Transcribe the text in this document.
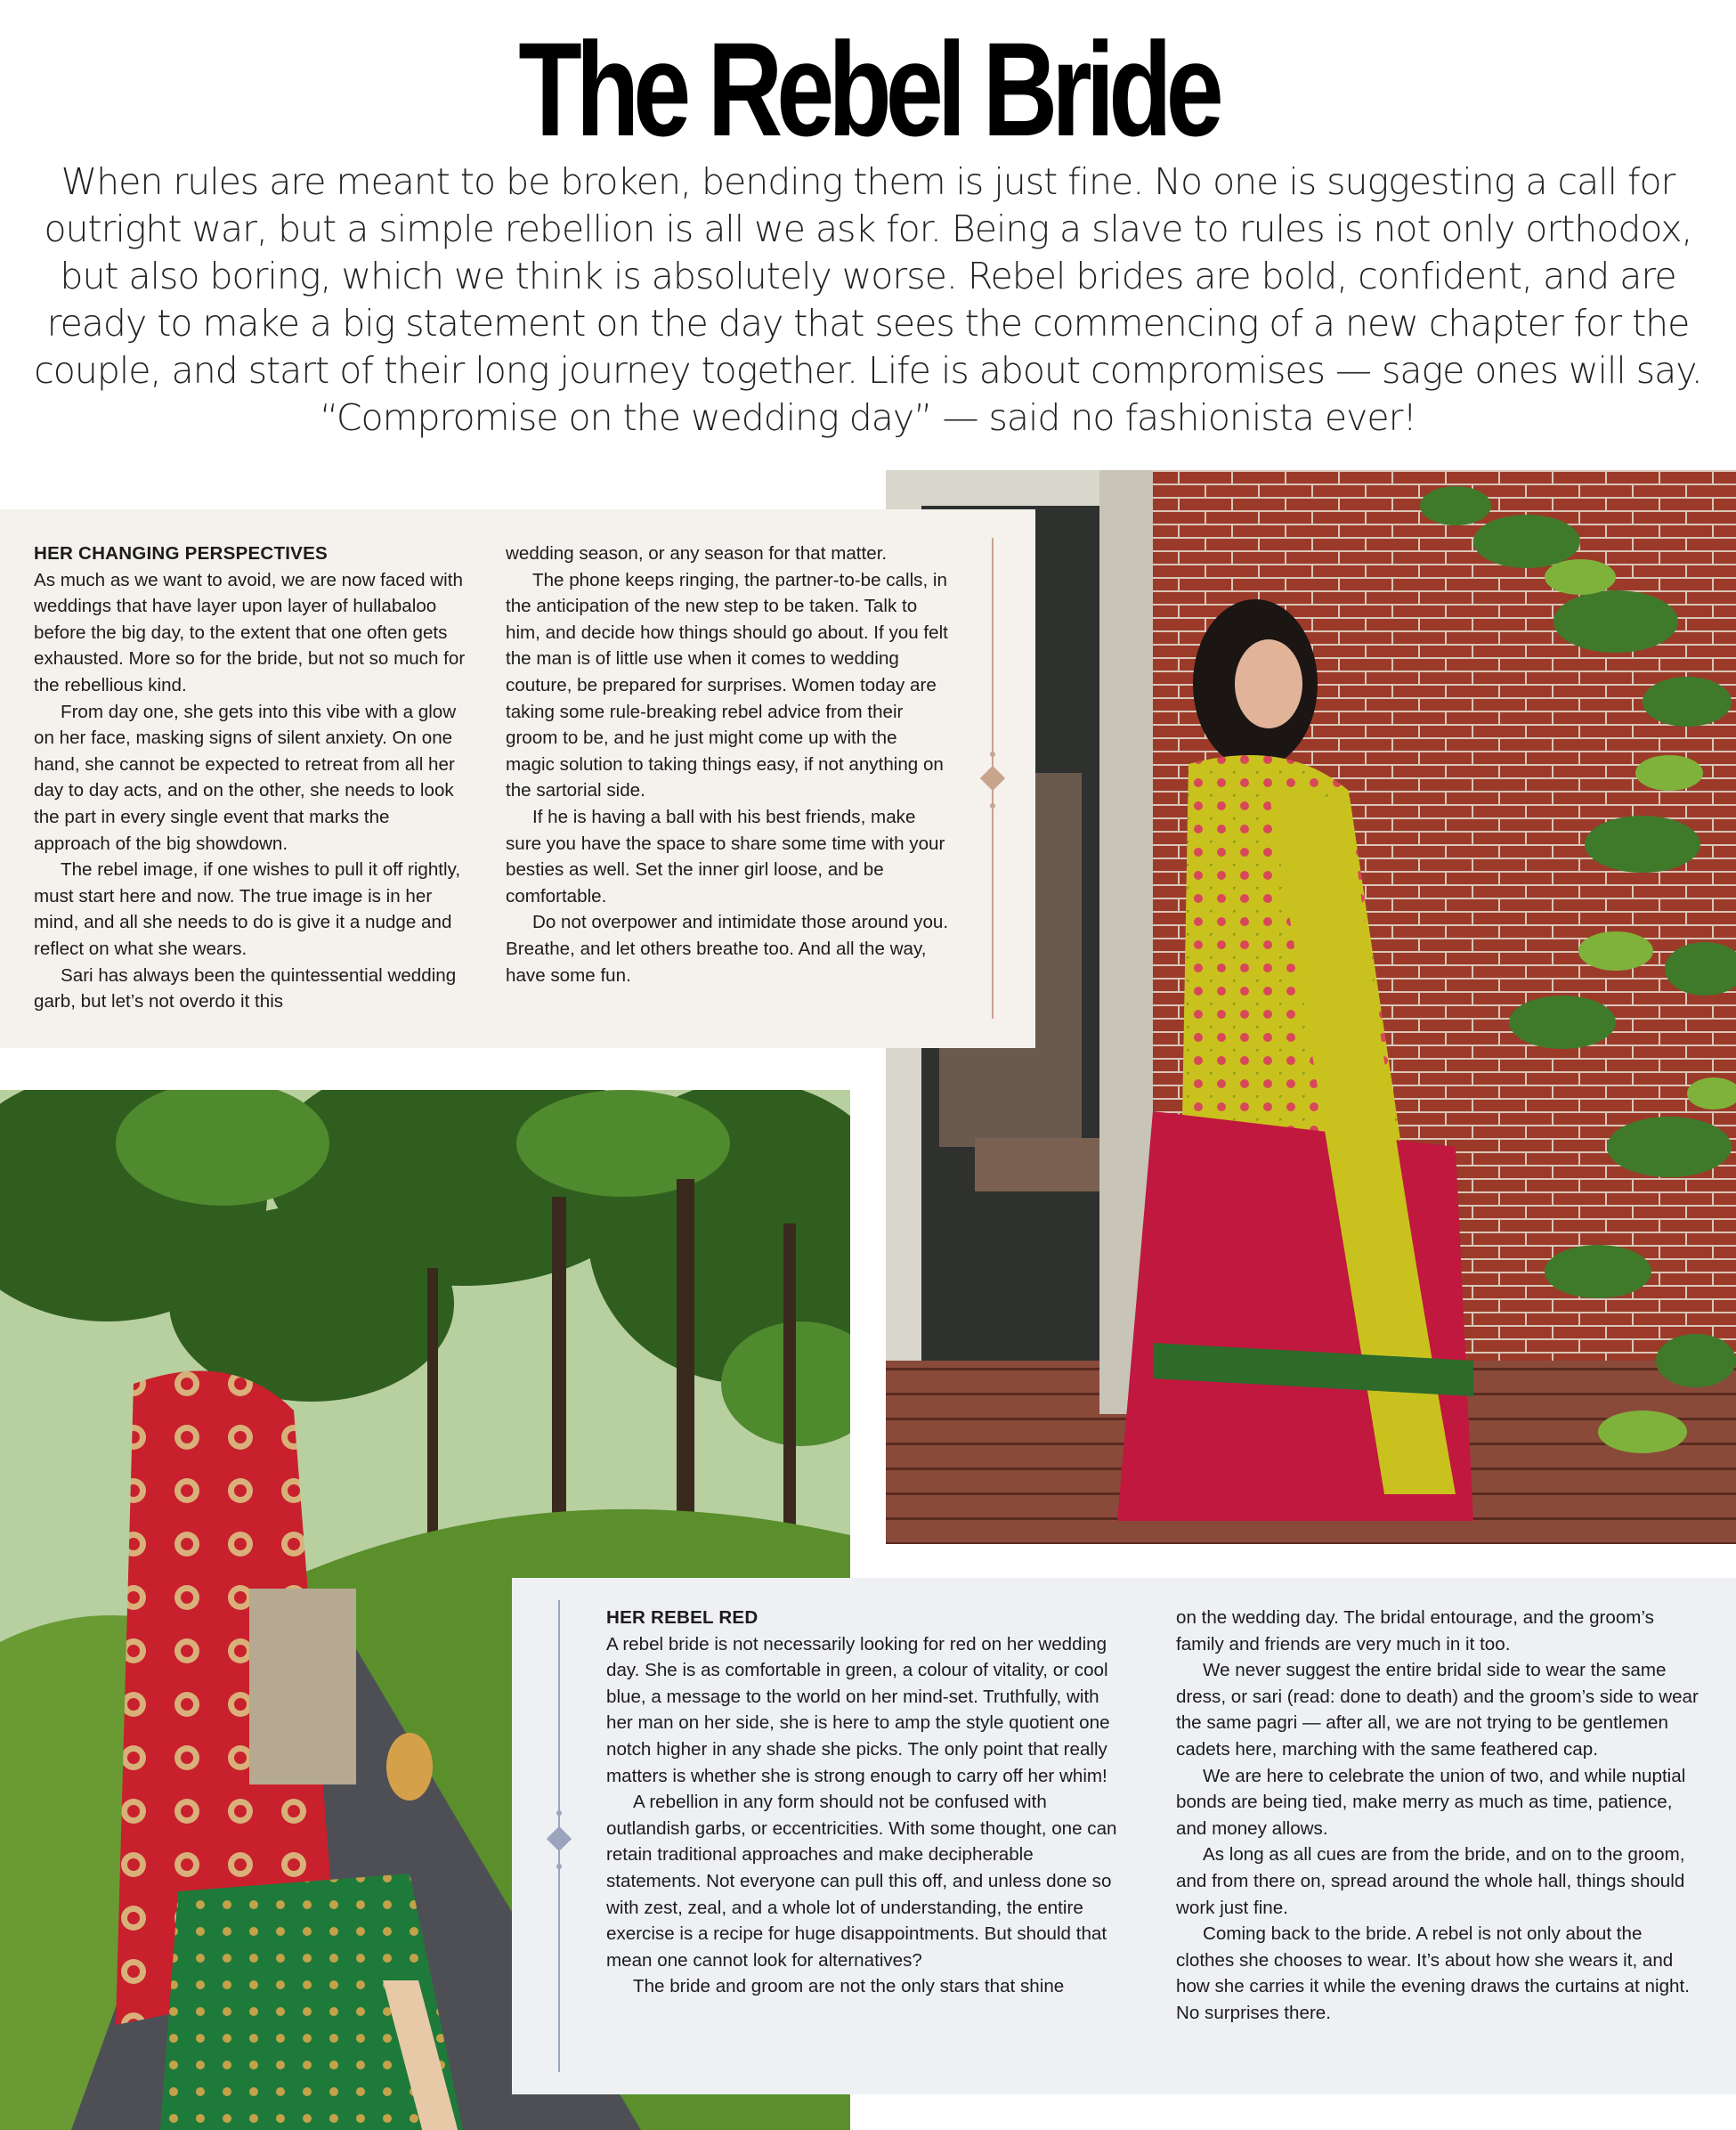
The Rebel Bride

When rules are meant to be broken, bending them is just fine. No one is suggesting a call for outright war, but a simple rebellion is all we ask for. Being a slave to rules is not only orthodox, but also boring, which we think is absolutely worse. Rebel brides are bold, confident, and are ready to make a big statement on the day that sees the commencing of a new chapter for the couple, and start of their long journey together. Life is about compromises — sage ones will say. “Compromise on the wedding day” — said no fashionista ever!

HER CHANGING PERSPECTIVES

As much as we want to avoid, we are now faced with weddings that have layer upon layer of hullabaloo before the big day, to the extent that one often gets exhausted. More so for the bride, but not so much for the rebellious kind.

From day one, she gets into this vibe with a glow on her face, masking signs of silent anxiety. On one hand, she cannot be expected to retreat from all her day to day acts, and on the other, she needs to look the part in every single event that marks the approach of the big showdown.

The rebel image, if one wishes to pull it off rightly, must start here and now. The true image is in her mind, and all she needs to do is give it a nudge and reflect on what she wears.

Sari has always been the quintessential wedding garb, but let’s not overdo it this

wedding season, or any season for that matter.

The phone keeps ringing, the partner-to-be calls, in the anticipation of the new step to be taken. Talk to him, and decide how things should go about. If you felt the man is of little use when it comes to wedding couture, be prepared for surprises. Women today are taking some rule-breaking rebel advice from their groom to be, and he just might come up with the magic solution to taking things easy, if not anything on the sartorial side.

If he is having a ball with his best friends, make sure you have the space to share some time with your besties as well. Set the inner girl loose, and be comfortable.

Do not overpower and intimidate those around you. Breathe, and let others breathe too. And all the way, have some fun.

HER REBEL RED

A rebel bride is not necessarily looking for red on her wedding day. She is as comfortable in green, a colour of vitality, or cool blue, a message to the world on her mind-set. Truthfully, with her man on her side, she is here to amp the style quotient one notch higher in any shade she picks. The only point that really matters is whether she is strong enough to carry off her whim!

A rebellion in any form should not be confused with outlandish garbs, or eccentricities. With some thought, one can retain traditional approaches and make decipherable statements. Not everyone can pull this off, and unless done so with zest, zeal, and a whole lot of understanding, the entire exercise is a recipe for huge disappointments. But should that mean one cannot look for alternatives?

The bride and groom are not the only stars that shine

on the wedding day. The bridal entourage, and the groom’s family and friends are very much in it too.

We never suggest the entire bridal side to wear the same dress, or sari (read: done to death) and the groom’s side to wear the same pagri — after all, we are not trying to be gentlemen cadets here, marching with the same feathered cap.

We are here to celebrate the union of two, and while nuptial bonds are being tied, make merry as much as time, patience, and money allows.

As long as all cues are from the bride, and on to the groom, and from there on, spread around the whole hall, things should work just fine.

Coming back to the bride. A rebel is not only about the clothes she chooses to wear. It’s about how she wears it, and how she carries it while the evening draws the curtains at night. No surprises there.
